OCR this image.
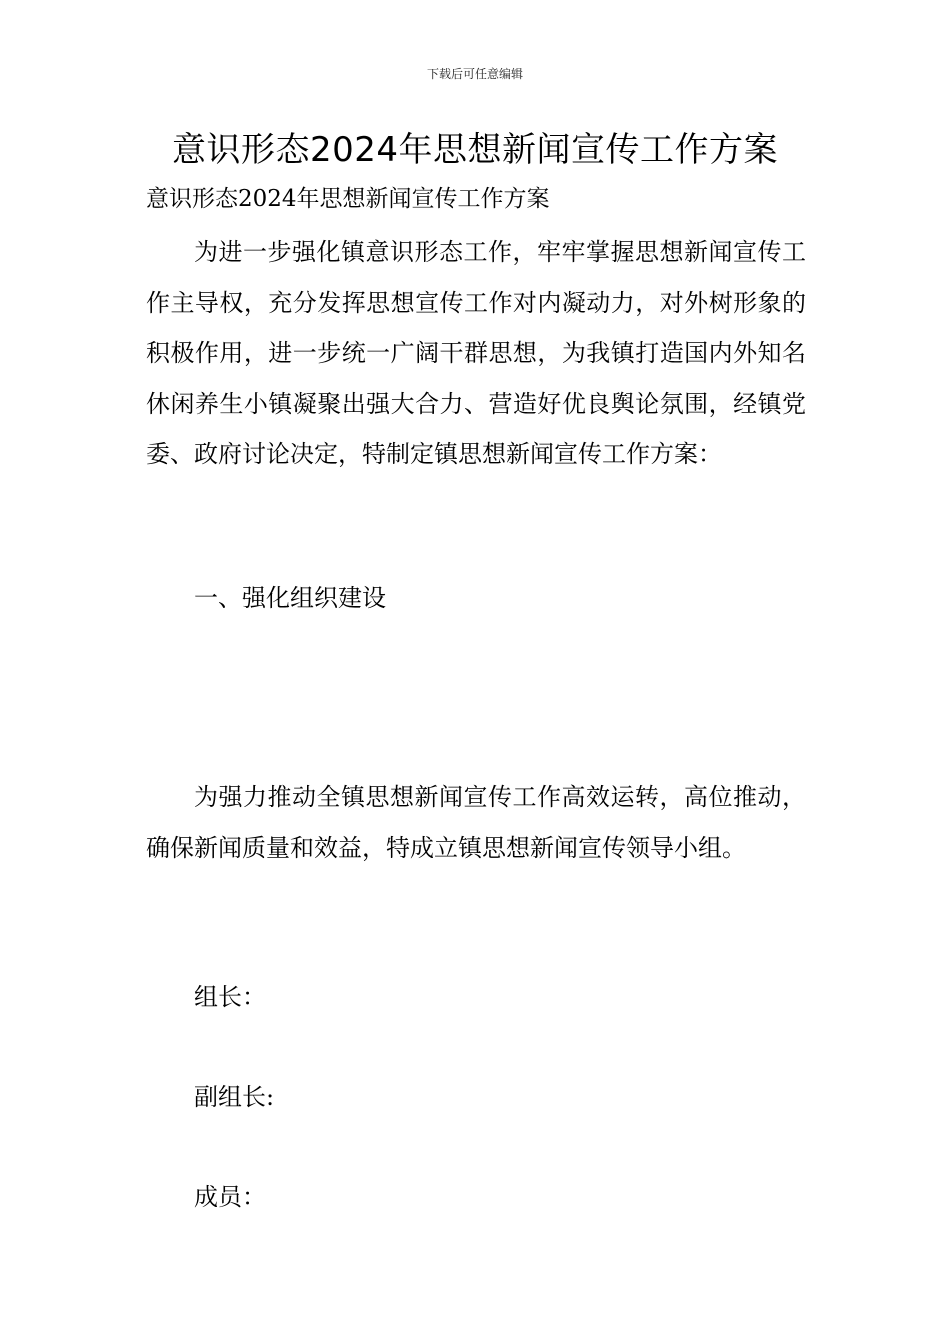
下载后可任意编辑
意识形态2024年思想新闻宣传工作方案

意识形态2024年思想新闻宣传工作方案

为进一步强化镇意识形态工作，牢牢掌握思想新闻宣传工作主导权，充分发挥思想宣传工作对内凝动力，对外树形象的积极作用，进一步统一广阔干群思想，为我镇打造国内外知名休闲养生小镇凝聚出强大合力、营造好优良舆论氛围，经镇党委、政府讨论决定，特制定镇思想新闻宣传工作方案：

一、强化组织建设

为强力推动全镇思想新闻宣传工作高效运转，高位推动，确保新闻质量和效益，特成立镇思想新闻宣传领导小组。

组长：

副组长:

成员：
